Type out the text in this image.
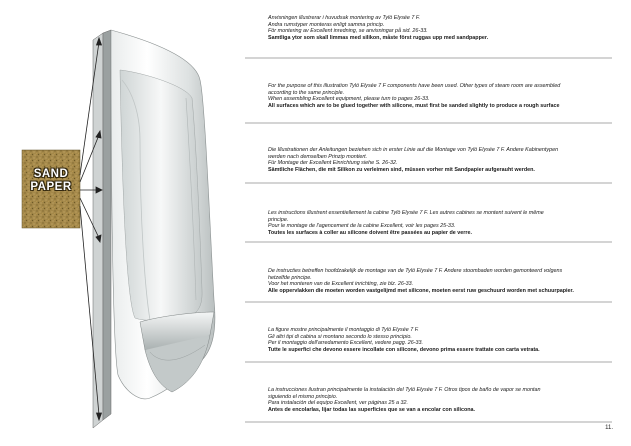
SAND
PAPER
Anvisningen illustrerar i huvudsak montering av Tylö Elysée 7 F.
Andra rumstyper monteras enligt samma princip.
För montering av Excellent inredning, se anvisningar på sid. 26-33.
Samtliga ytor som skall limmas med silikon, måste först ruggas upp med sandpapper.
For the purpose of this illustration Tylö Elysée 7 F components have been used. Other types of steam room are assembled
according to the same principle.
When assembling Excellent equipment, please turn to pages 26-33.
All surfaces which are to be glued together with silicone, must first be sanded slightly to produce a rough surface
Die Illustrationen der Anleitungen beziehen sich in erster Linie auf die Montage von Tylö Elysée 7 F. Andere Kabinentypen
werden nach demselben Prinzip montiert.
Für Montage der Excellent Einrichtung siehe S. 26-32.
Sämtliche Flächen, die mit Silikon zu verleimen sind, müssen vorher mit Sandpapier aufgerauht werden.
Les instructions illustrent essentiellement la cabine Tylö Elysée 7 F. Les autres cabines se montent suivent le même
principe.
Pour le montage de l'agencement de la cabine Excellent, voir les pages 25-33.
Toutes les surfaces à coller au silicone doivent être passées au papier de verre.
De instructies betreffen hoofdzakelijk de montage van de Tylö Elysée 7 F. Andere stoombaden worden gemonteerd volgens
hetzelfde principe.
Voor het monteren van de Excellent inrichting, zie blz. 26-33.
Alle oppervlakken die moeten worden vastgelijmd met silicone, moeten eerst ruw geschuurd worden met schuurpapier.
La figure mostre principalmente il montaggio di Tylö Elysée 7 F.
Gli altri tipi di cabina si montano secondo lo stesso principio.
Per il montaggio dell'arredamento Excellent, vedere pagg. 26-33.
Tutte le superfici che devono essere incollate con silicone, devono prima essere trattate con carta vetrata.
La instrucciones ilustran principalmente la instalación del Tylö Elysée 7 F. Otros tipos de baño de vapor se montan
siguiendo el mismo principio.
Para instalación del equipo Excellent, ver páginas 25 a 32.
Antes de encolarlas, lijar todas las superficies que se van a encolar con silicona.
11.
